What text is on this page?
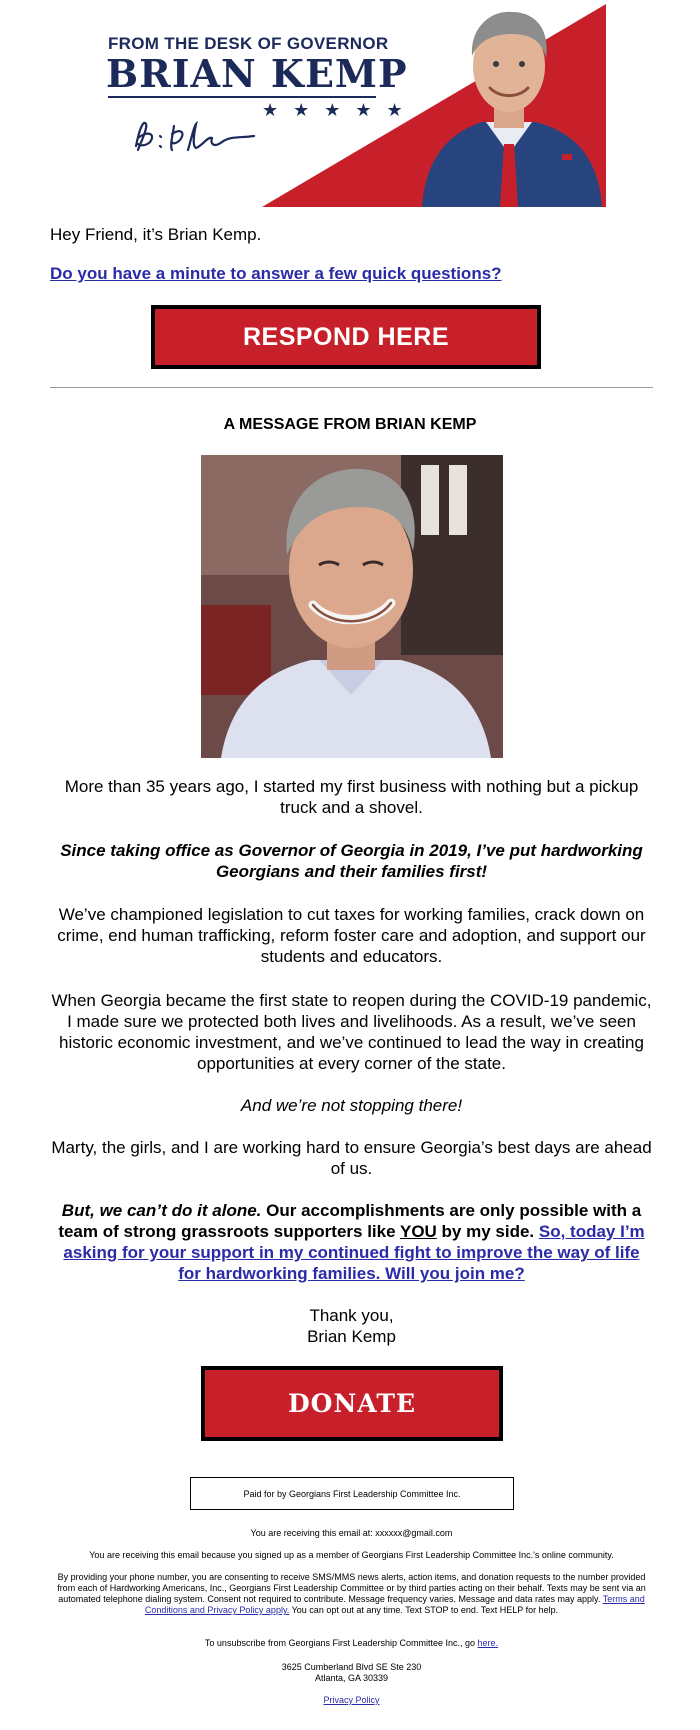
FROM THE DESK OF GOVERNOR
BRIAN KEMP
★ ★ ★ ★ ★
Hey Friend, it’s Brian Kemp.
Do you have a minute to answer a few quick questions?
RESPOND HERE
A MESSAGE FROM BRIAN KEMP
More than 35 years ago, I started my first business with nothing but a pickup truck and a shovel.
Since taking office as Governor of Georgia in 2019, I’ve put hardworking Georgians and their families first!
We’ve championed legislation to cut taxes for working families, crack down on crime, end human trafficking, reform foster care and adoption, and support our students and educators.
When Georgia became the first state to reopen during the COVID-19 pandemic, I made sure we protected both lives and livelihoods. As a result, we’ve seen historic economic investment, and we’ve continued to lead the way in creating opportunities at every corner of the state.
And we’re not stopping there!
Marty, the girls, and I are working hard to ensure Georgia’s best days are ahead of us.
But, we can’t do it alone. Our accomplishments are only possible with a team of strong grassroots supporters like YOU by my side. So, today I’m asking for your support in my continued fight to improve the way of life for hardworking families. Will you join me?
Thank you,
Brian Kemp
DONATE
Paid for by Georgians First Leadership Committee Inc.
You are receiving this email at: xxxxxx@gmail.com
You are receiving this email because you signed up as a member of Georgians First Leadership Committee Inc.'s online community.
By providing your phone number, you are consenting to receive SMS/MMS news alerts, action items, and donation requests to the number provided from each of Hardworking Americans, Inc., Georgians First Leadership Committee or by third parties acting on their behalf. Texts may be sent via an automated telephone dialing system. Consent not required to contribute. Message frequency varies. Message and data rates may apply. Terms and Conditions and Privacy Policy apply. You can opt out at any time. Text STOP to end. Text HELP for help.
To unsubscribe from Georgians First Leadership Committee Inc., go here.
3625 Cumberland Blvd SE Ste 230
Atlanta, GA 30339
Privacy Policy
